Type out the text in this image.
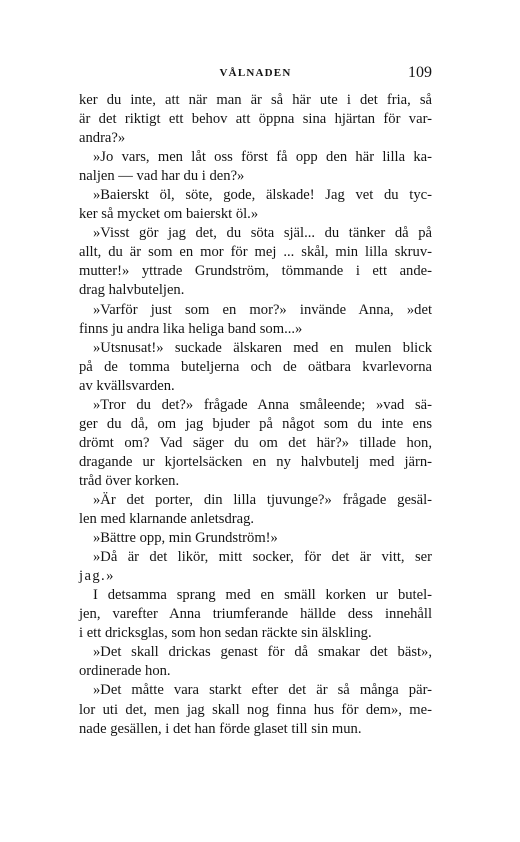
VÅLNADEN	109
ker du inte, att när man är så här ute i det fria, så
är det riktigt ett behov att öppna sina hjärtan för var-
andra?»
»Jo vars, men låt oss först få opp den här lilla ka-
naljen — vad har du i den?»
»Baierskt öl, söte, gode, älskade! Jag vet du tyc-
ker så mycket om baierskt öl.»
»Visst gör jag det, du söta själ... du tänker då på
allt, du är som en mor för mej ... skål, min lilla skruv-
mutter!» yttrade Grundström, tömmande i ett ande-
drag halvbuteljen.
»Varför just som en mor?» invände Anna, »det
finns ju andra lika heliga band som...»
»Utsnusat!» suckade älskaren med en mulen blick
på de tomma buteljerna och de oätbara kvarlevorna
av kvällsvarden.
»Tror du det?» frågade Anna småleende; »vad sä-
ger du då, om jag bjuder på något som du inte ens
drömt om? Vad säger du om det här?» tillade hon,
dragande ur kjortelsäcken en ny halvbutelj med järn-
tråd över korken.
»Är det porter, din lilla tjuvunge?» frågade gesäl-
len med klarnande anletsdrag.
»Bättre opp, min Grundström!»
»Då är det likör, mitt socker, för det är vitt, ser
jag.»
I detsamma sprang med en smäll korken ur butel-
jen, varefter Anna triumferande hällde dess innehåll
i ett dricksglas, som hon sedan räckte sin älskling.
»Det skall drickas genast för då smakar det bäst»,
ordinerade hon.
»Det måtte vara starkt efter det är så många pär-
lor uti det, men jag skall nog finna hus för dem», me-
nade gesällen, i det han förde glaset till sin mun.
